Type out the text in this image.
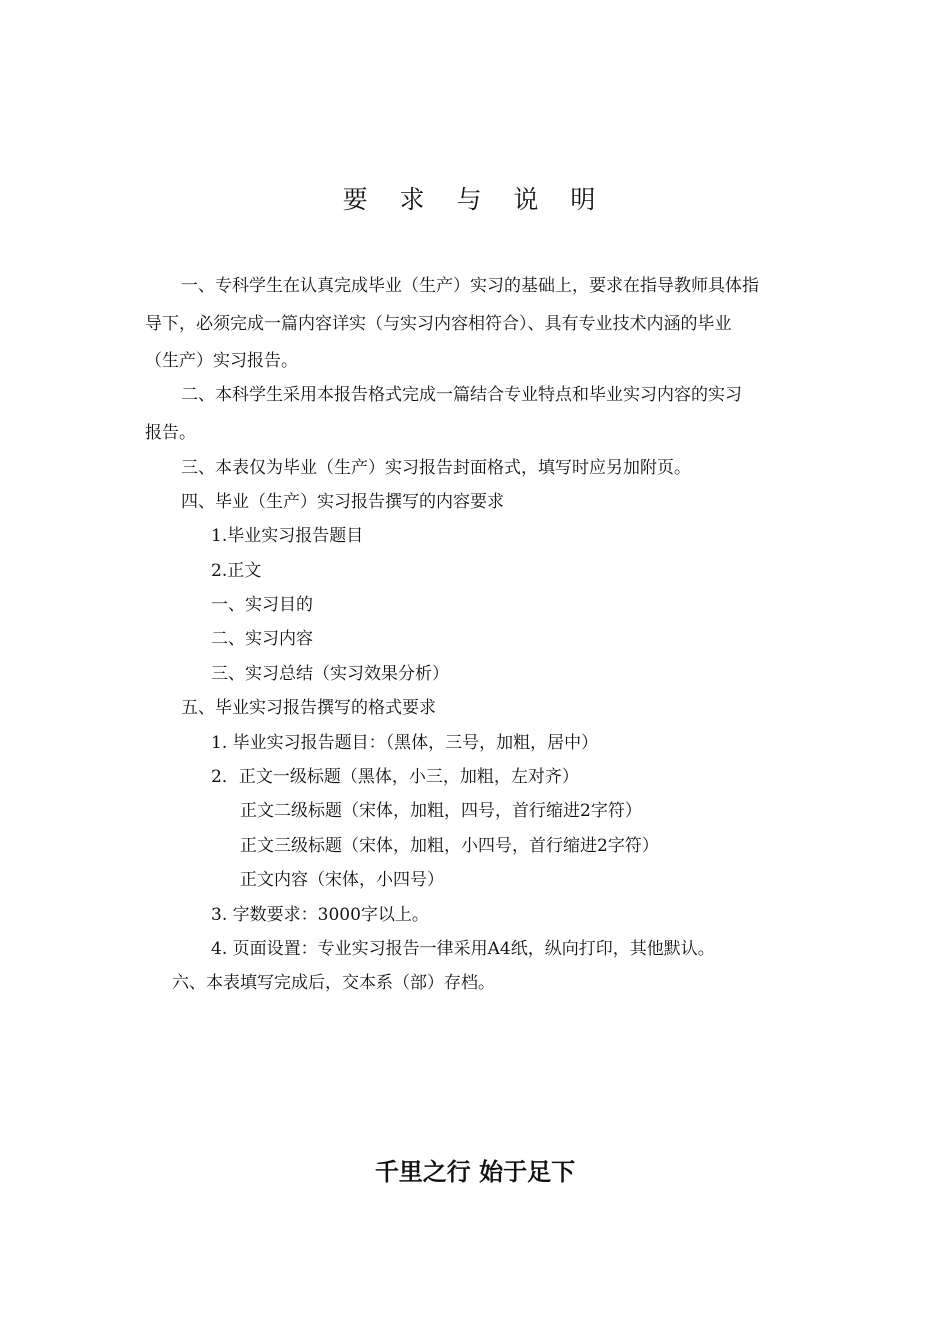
要 求 与 说 明

一、专科学生在认真完成毕业（生产）实习的基础上，要求在指导教师具体指

导下，必须完成一篇内容详实（与实习内容相符合）、具有专业技术内涵的毕业

（生产）实习报告。

二、本科学生采用本报告格式完成一篇结合专业特点和毕业实习内容的实习

报告。

三、本表仅为毕业（生产）实习报告封面格式，填写时应另加附页。

四、毕业（生产）实习报告撰写的内容要求

1.毕业实习报告题目

2.正文

一、实习目的

二、实习内容

三、实习总结（实习效果分析）

五、毕业实习报告撰写的格式要求

1. 毕业实习报告题目：（黑体，三号，加粗，居中）

2．正文一级标题（黑体，小三，加粗，左对齐）

正文二级标题（宋体，加粗，四号，首行缩进2字符）

正文三级标题（宋体，加粗，小四号，首行缩进2字符）

正文内容（宋体，小四号）

3. 字数要求：3000字以上。

4. 页面设置：专业实习报告一律采用A4纸，纵向打印，其他默认。

六、本表填写完成后，交本系（部）存档。

千里之行 始于足下
